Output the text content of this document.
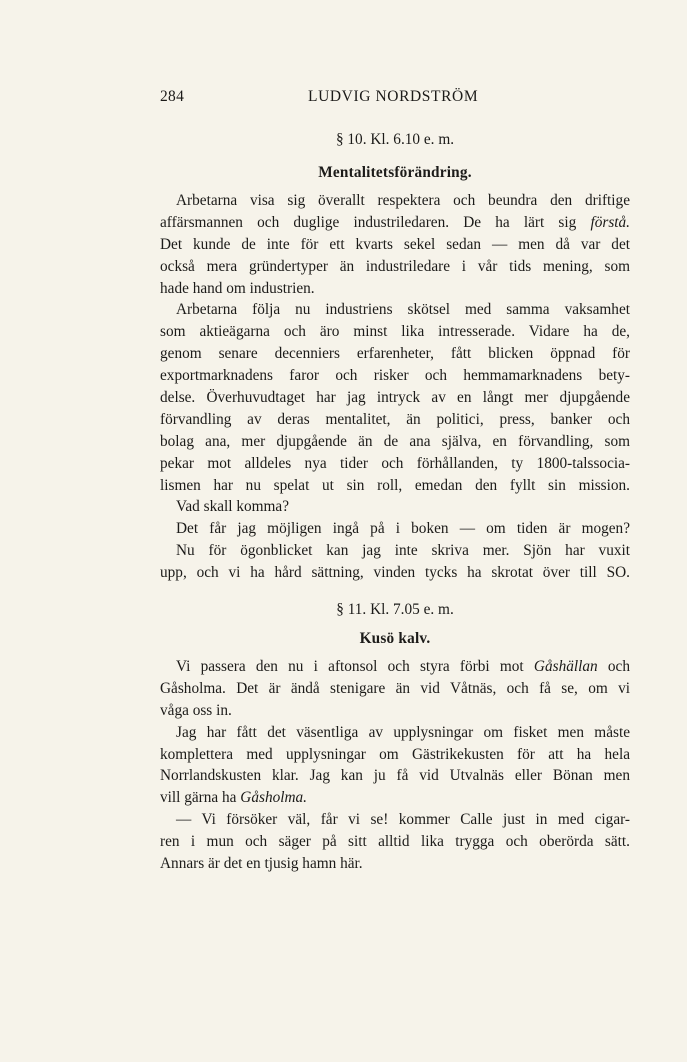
284	LUDVIG NORDSTRÖM
§ 10. Kl. 6.10 e. m.
Mentalitetsförändring.
Arbetarna visa sig överallt respektera och beundra den driftige
affärsmannen och duglige industriledaren. De ha lärt sig förstå.
Det kunde de inte för ett kvarts sekel sedan — men då var det
också mera gründertyper än industriledare i vår tids mening, som
hade hand om industrien.
Arbetarna följa nu industriens skötsel med samma vaksamhet
som aktieägarna och äro minst lika intresserade. Vidare ha de,
genom senare decenniers erfarenheter, fått blicken öppnad för
exportmarknadens faror och risker och hemmamarknadens bety-
delse. Överhuvudtaget har jag intryck av en långt mer djupgående
förvandling av deras mentalitet, än politici, press, banker och
bolag ana, mer djupgående än de ana själva, en förvandling, som
pekar mot alldeles nya tider och förhållanden, ty 1800-talssocia-
lismen har nu spelat ut sin roll, emedan den fyllt sin mission.
Vad skall komma?
Det får jag möjligen ingå på i boken — om tiden är mogen?
Nu för ögonblicket kan jag inte skriva mer. Sjön har vuxit
upp, och vi ha hård sättning, vinden tycks ha skrotat över till SO.
§ 11. Kl. 7.05 e. m.
Kusö kalv.
Vi passera den nu i aftonsol och styra förbi mot Gåshällan och
Gåsholma. Det är ändå stenigare än vid Våtnäs, och få se, om vi
våga oss in.
Jag har fått det väsentliga av upplysningar om fisket men måste
komplettera med upplysningar om Gästrikekusten för att ha hela
Norrlandskusten klar. Jag kan ju få vid Utvalnäs eller Bönan men
vill gärna ha Gåsholma.
— Vi försöker väl, får vi se! kommer Calle just in med cigar-
ren i mun och säger på sitt alltid lika trygga och oberörda sätt.
Annars är det en tjusig hamn här.
